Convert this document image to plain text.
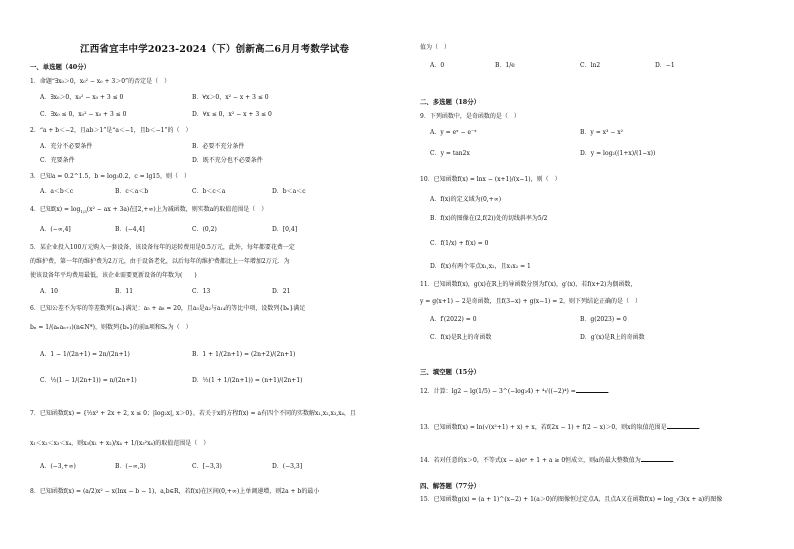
江西省宜丰中学2023-2024（下）创新高二6月月考数学试卷
一、单选题（40分）
1．命题“∃x₀＞0，x₀² − x₀ + 3＞0”的否定是（　）
A．∃x₀＞0，x₀² − x₀ + 3 ≤ 0	B．∀x＞0，x² − x + 3 ≤ 0
C．∃x₀ ≤ 0，x₀² − x₀ + 3 ≤ 0	D．∀x ≤ 0，x² − x + 3 ≤ 0
2．“a + b＜−2，且ab＞1”是“a＜−1，且b＜−1”的（　）
A．充分不必要条件	B．必要不充分条件
C．充要条件	D．既不充分也不必要条件
3．已知a = 0.2^1.5，b = log₃0.2，c = lg15，则（　）
A．a＜b＜c	B．c＜a＜b	C．b＜c＜a	D．b＜a＜c
4．已知$f(x) = \log_{1/3}(x^2$ − ax + 3a)在[2,+∞)上为减函数，则实数a的取值范围是（　）
A．(−∞,4]	B．(−4,4]	C．(0,2)	D．[0,4]
5．某企业投入100万元购入一套设备，该设备每年的运转费用是0.5万元，此外，每年都要花费一定
的维护费，第一年的维护费为2万元，由于设备老化，以后每年的维护费都比上一年增加2万元．为
使该设备年平均费用最低，该企业需要更新设备的年数为(　　)
A．10	B．11	C．13	D．21
6．已知公差不为零的等差数列{aₙ}满足：a₅ + a₈ = 20，且a₅是a₂与a₁₄的等比中项，设数列{bₙ}满足
bₙ = 1/(aₙaₙ₊₁)(n∈N*)，则数列{bₙ}的前n项和Sₙ为（　）
A．1 − 1/(2n+1) = 2n/(2n+1)	B．1 + 1/(2n+1) = (2n+2)/(2n+1)
C．½(1 − 1/(2n+1)) = n/(2n+1)	D．½(1 + 1/(2n+1)) = (n+1)/(2n+1)
7．已知函数f(x) = {½x² + 2x + 2, x ≤ 0；|log₂x|, x＞0}，若关于x的方程f(x) = a有四个不同的实数解x₁,x₂,x₃,x₄，且
x₁＜x₂＜x₃＜x₄，则x₃(x₁ + x₂)/x₄ + 1/(x₃²x₄)的取值范围是（　）
A．(−3,+∞)	B．(−∞,3)	C．[−3,3)	D．(−3,3]
8．已知函数f(x) = (a/2)x² − x(lnx − b − 1)，a,b∈R，若f(x)在区间(0,+∞)上单调递增，则2a + b的最小
值为（　）
A．0	B．1/e	C．ln2	D．−1
二、多选题（18分）
9．下列函数中，是奇函数的是（　）
A．y = eˣ − e⁻ˣ	B．y = x³ − x²
C．y = tan2x	D．y = log₂((1+x)/(1−x))
10．已知函数f(x) = lnx − (x+1)/(x−1)，则（　）
A．f(x)的定义域为(0,+∞)
B．f(x)的图像在(2,f(2))处的切线斜率为5/2
C．f(1/x) + f(x) = 0
D．f(x)有两个零点x₁,x₂，且x₁x₂ = 1
11．已知函数f(x)，g(x)在R上的导函数分别为f′(x)，g′(x)，若f(x+2)为偶函数，
y = g(x+1) − 2是奇函数，且f(3−x) + g(x−1) = 2，则下列结论正确的是（　）
A．f′(2022) = 0	B．g(2023) = 0
C．f(x)是R上的奇函数	D．g′(x)是R上的奇函数
三、填空题（15分）
12．计算：lg2 − lg(1/5) − 3^(−log₃4) + ⁴√((−2)⁴) =	．
13．已知函数f(x) = ln(√(x²+1) + x) + x，若f(2x − 1) + f(2 − x)＞0，则x的取值范围是	．
14．若对任意的x＞0，不等式(x − a)eˣ + 1 + a ≥ 0恒成立，则a的最大整数值为	．
四、解答题（77分）
15．已知函数g(x) = (a + 1)^(x−2) + 1(a＞0)的图像恒过定点A，且点A又在函数f(x) = log_√3(x + a)的图像
